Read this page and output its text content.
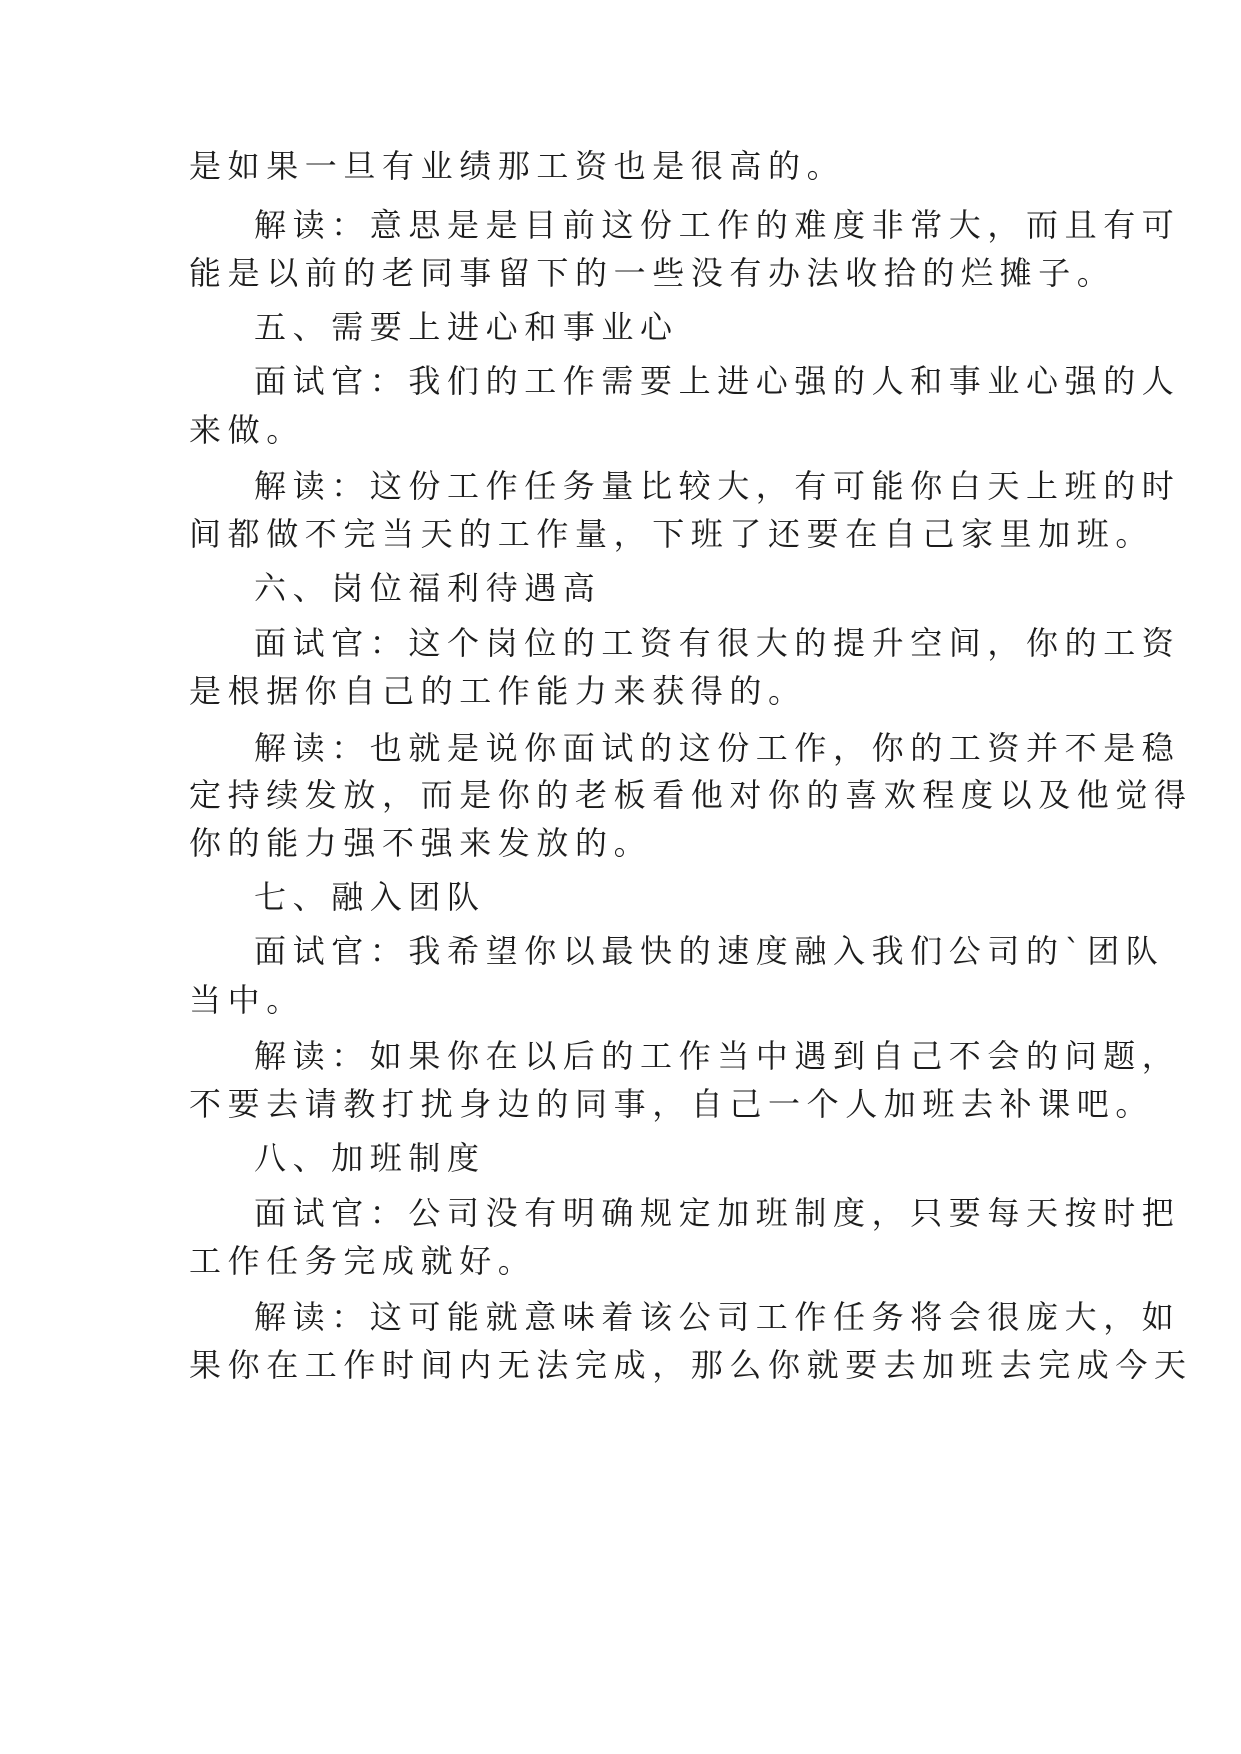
是如果一旦有业绩那工资也是很高的。
解读：意思是是目前这份工作的难度非常大，而且有可
能是以前的老同事留下的一些没有办法收拾的烂摊子。
五、需要上进心和事业心
面试官：我们的工作需要上进心强的人和事业心强的人
来做。
解读：这份工作任务量比较大，有可能你白天上班的时
间都做不完当天的工作量，下班了还要在自己家里加班。
六、岗位福利待遇高
面试官：这个岗位的工资有很大的提升空间，你的工资
是根据你自己的工作能力来获得的。
解读：也就是说你面试的这份工作，你的工资并不是稳
定持续发放，而是你的老板看他对你的喜欢程度以及他觉得
你的能力强不强来发放的。
七、融入团队
面试官：我希望你以最快的速度融入我们公司的`团队
当中。
解读：如果你在以后的工作当中遇到自己不会的问题，
不要去请教打扰身边的同事，自己一个人加班去补课吧。
八、加班制度
面试官：公司没有明确规定加班制度，只要每天按时把
工作任务完成就好。
解读：这可能就意味着该公司工作任务将会很庞大，如
果你在工作时间内无法完成，那么你就要去加班去完成今天
